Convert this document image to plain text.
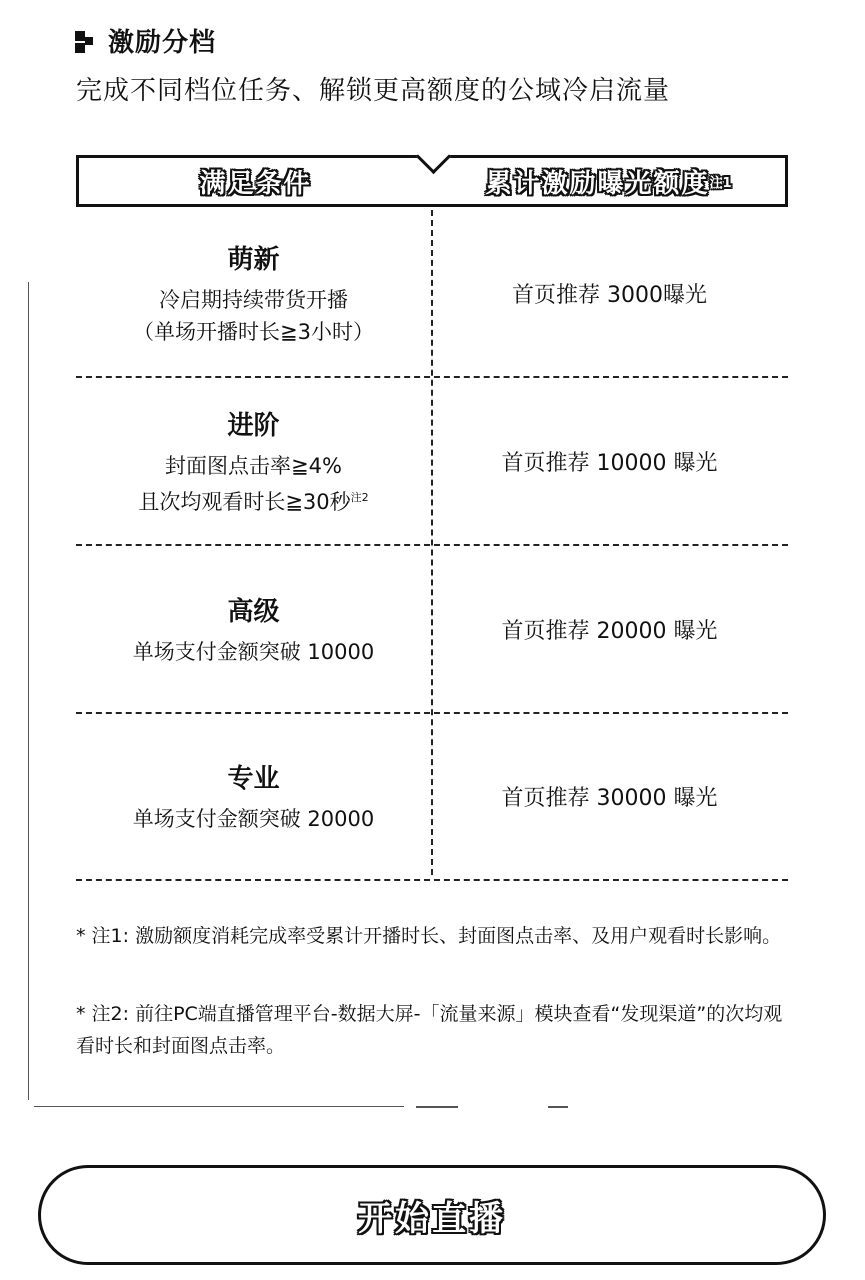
激励分档
完成不同档位任务、解锁更高额度的公域冷启流量
满足条件	累计激励曝光额度 注1
萌新
冷启期持续带货开播
（单场开播时长≧3小时）
首页推荐 3000曝光
进阶
封面图点击率≧4%
且次均观看时长≧30秒$^{注2}$
首页推荐 10000 曝光
高级
单场支付金额突破 10000
首页推荐 20000 曝光
专业
单场支付金额突破 20000
首页推荐 30000 曝光
* 注1: 激励额度消耗完成率受累计开播时长、封面图点击率、及用户观看时长影响。
* 注2: 前往PC端直播管理平台-数据大屏-「流量来源」模块查看“发现渠道”的次均观看时长和封面图点击率。
开始直播
